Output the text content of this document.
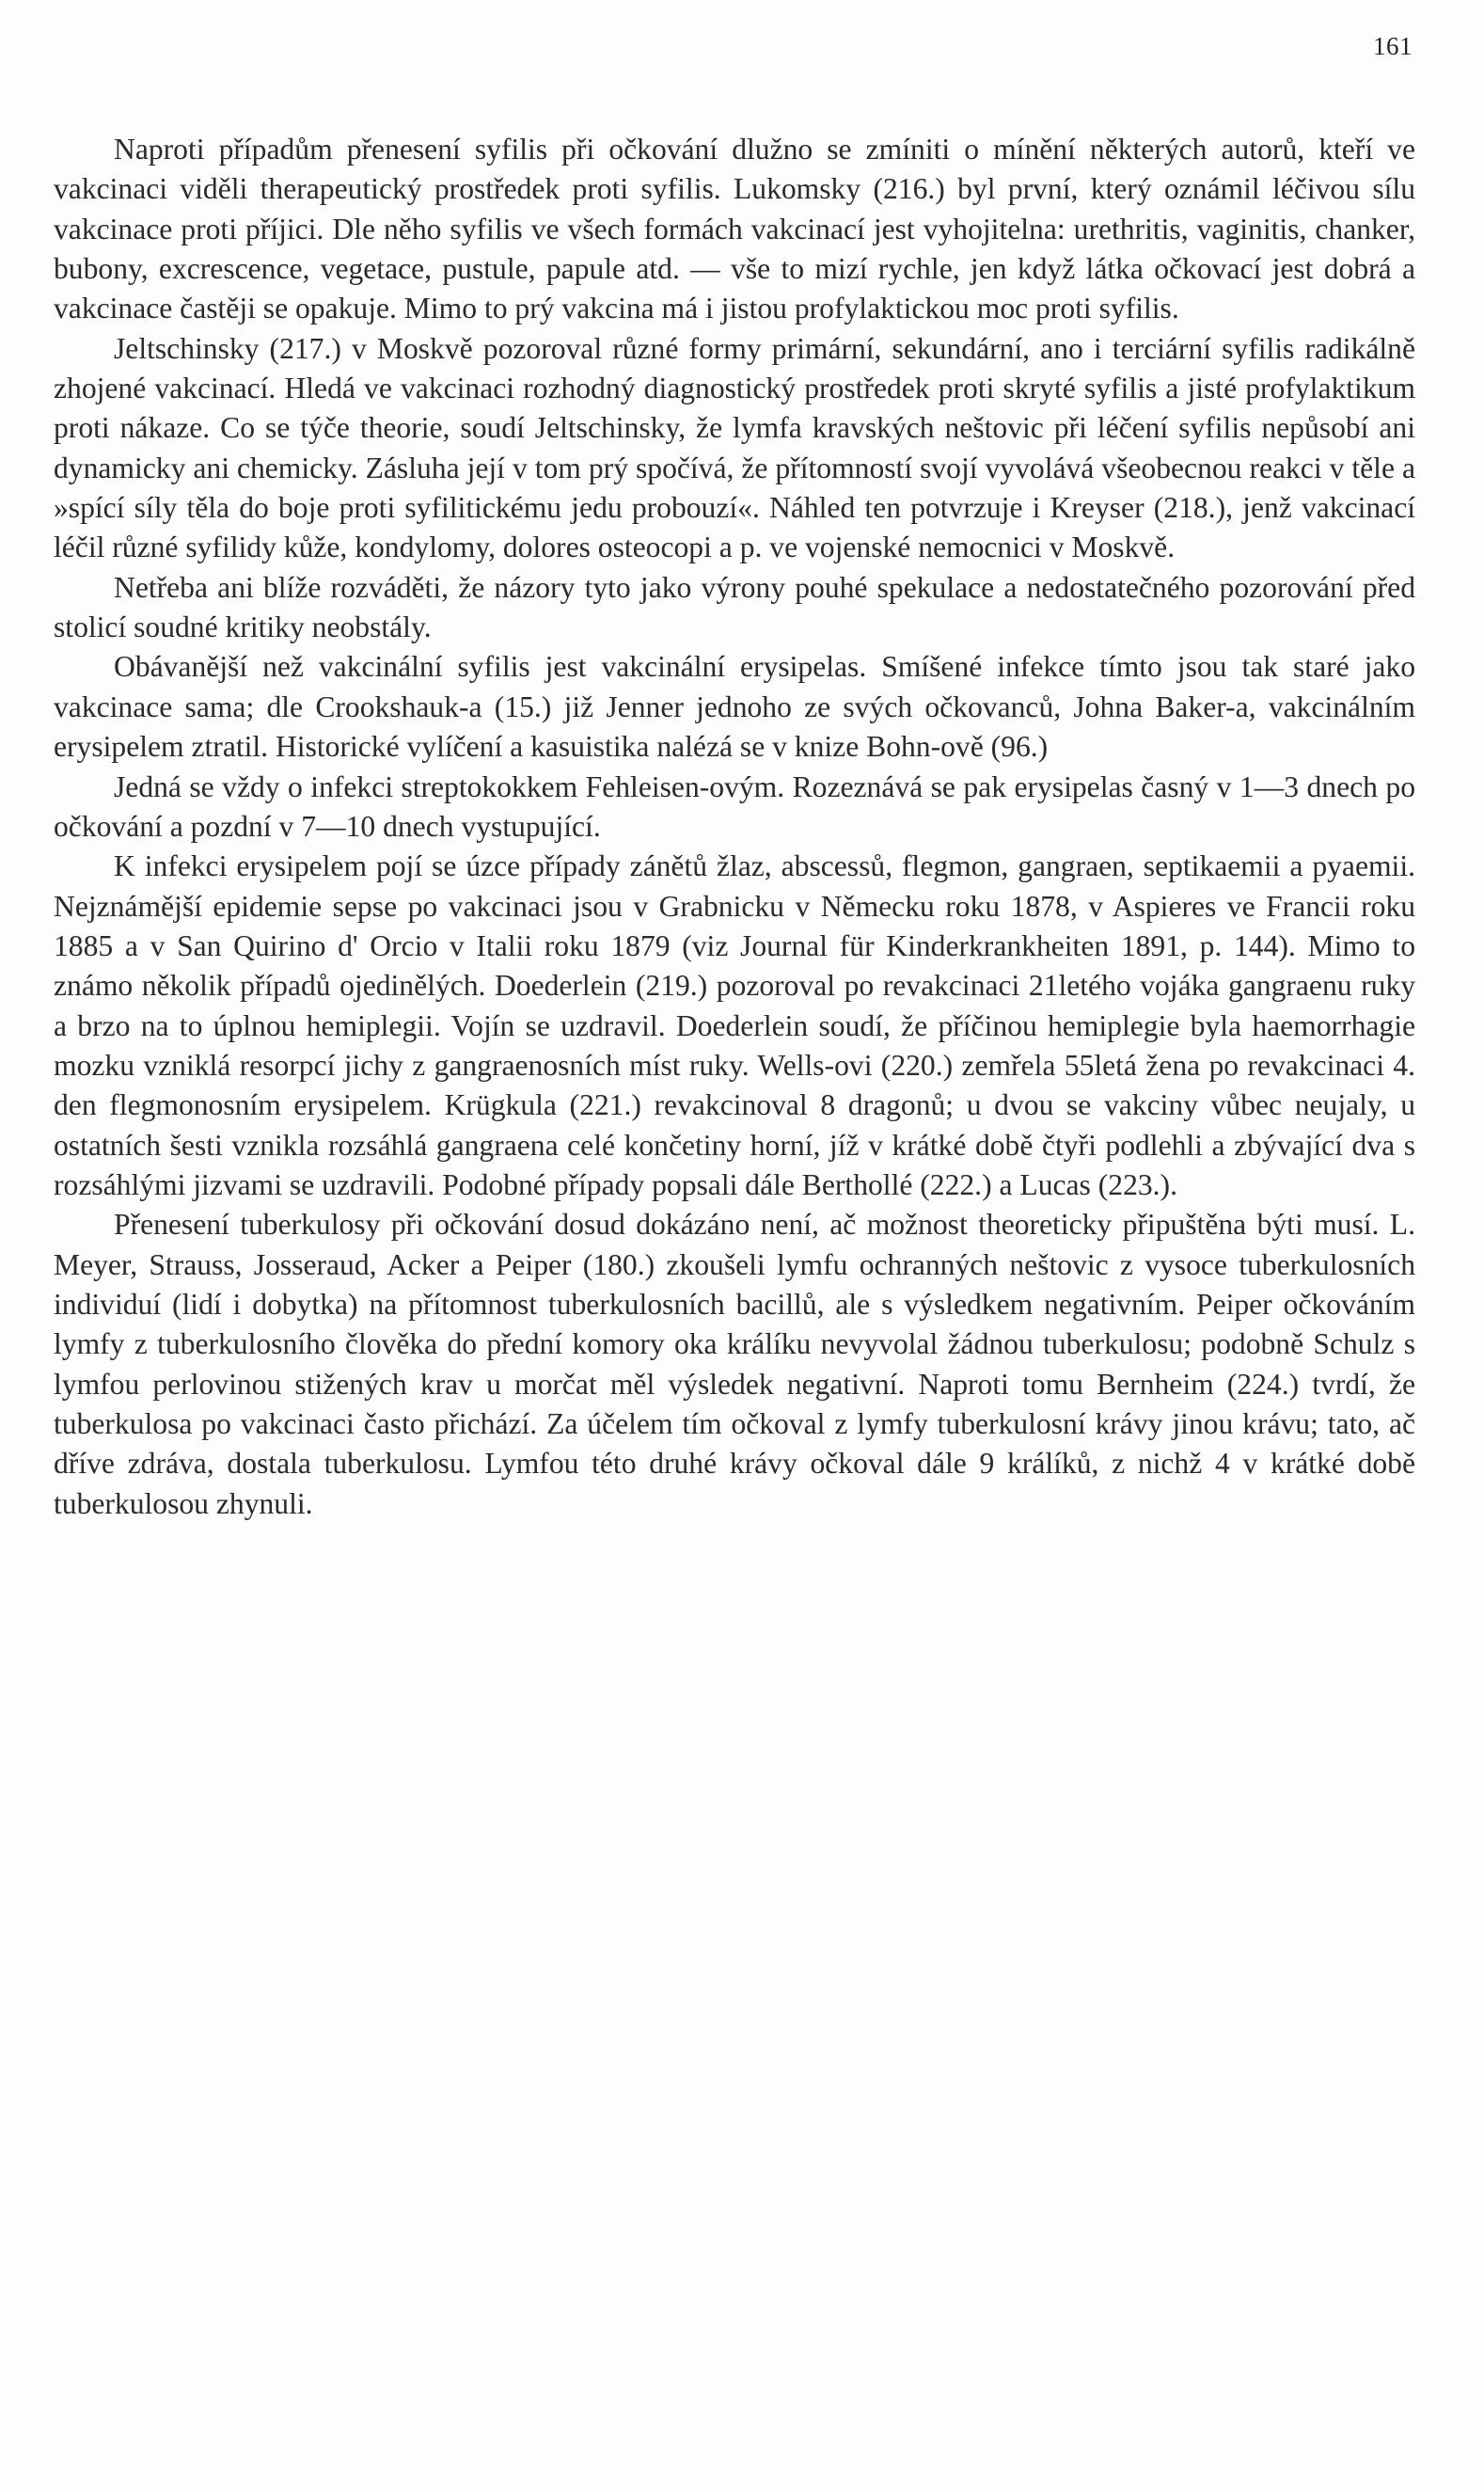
161

Naproti případům přenesení syfilis při očkování dlužno se zmíniti o mínění některých autorů, kteří ve vakcinaci viděli therapeutický prostředek proti syfilis. Lukomsky (216.) byl první, který oznámil léčivou sílu vakcinace proti příjici. Dle něho syfilis ve všech formách vakcinací jest vyhojitelna: urethritis, vaginitis, chanker, bubony, excrescence, vegetace, pustule, papule atd. — vše to mizí rychle, jen když látka očkovací jest dobrá a vakcinace častěji se opakuje. Mimo to prý vakcina má i jistou profylaktickou moc proti syfilis.

Jeltschinsky (217.) v Moskvě pozoroval různé formy primární, sekundární, ano i terciární syfilis radikálně zhojené vakcinací. Hledá ve vakcinaci rozhodný diagnostický prostředek proti skryté syfilis a jisté profylaktikum proti nákaze. Co se týče theorie, soudí Jeltschinsky, že lymfa kravských neštovic při léčení syfilis nepůsobí ani dynamicky ani chemicky. Zásluha její v tom prý spočívá, že přítomností svojí vyvolává všeobecnou reakci v těle a »spící síly těla do boje proti syfilitickému jedu probouzí«. Náhled ten potvrzuje i Kreyser (218.), jenž vakcinací léčil různé syfilidy kůže, kondylomy, dolores osteocopi a p. ve vojenské nemocnici v Moskvě.

Netřeba ani blíže rozváděti, že názory tyto jako výrony pouhé spekulace a nedostatečného pozorování před stolicí soudné kritiky neobstály.

Obávanější než vakcinální syfilis jest vakcinální erysipelas. Smíšené infekce tímto jsou tak staré jako vakcinace sama; dle Crookshauk-a (15.) již Jenner jednoho ze svých očkovanců, Johna Baker-a, vakcinálním erysipelem ztratil. Historické vylíčení a kasuistika nalézá se v knize Bohn-ově (96.)

Jedná se vždy o infekci streptokokkem Fehleisen-ovým. Rozeznává se pak erysipelas časný v 1—3 dnech po očkování a pozdní v 7—10 dnech vystupující.

K infekci erysipelem pojí se úzce případy zánětů žlaz, abscessů, flegmon, gangraen, septikaemii a pyaemii. Nejznámější epidemie sepse po vakcinaci jsou v Grabnicku v Německu roku 1878, v Aspieres ve Francii roku 1885 a v San Quirino d' Orcio v Italii roku 1879 (viz Journal für Kinderkrankheiten 1891, p. 144). Mimo to známo několik případů ojedinělých. Doederlein (219.) pozoroval po revakcinaci 21letého vojáka gangraenu ruky a brzo na to úplnou hemiplegii. Vojín se uzdravil. Doederlein soudí, že příčinou hemiplegie byla haemorrhagie mozku vzniklá resorpcí jichy z gangraenosních míst ruky. Wells-ovi (220.) zemřela 55letá žena po revakcinaci 4. den flegmonosním erysipelem. Krügkula (221.) revakcinoval 8 dragonů; u dvou se vakciny vůbec neujaly, u ostatních šesti vznikla rozsáhlá gangraena celé končetiny horní, jíž v krátké době čtyři podlehli a zbývající dva s rozsáhlými jizvami se uzdravili. Podobné případy popsali dále Berthollé (222.) a Lucas (223.).

Přenesení tuberkulosy při očkování dosud dokázáno není, ač možnost theoreticky připuštěna býti musí. L. Meyer, Strauss, Josseraud, Acker a Peiper (180.) zkoušeli lymfu ochranných neštovic z vysoce tuberkulosních individuí (lidí i dobytka) na přítomnost tuberkulosních bacillů, ale s výsledkem negativním. Peiper očkováním lymfy z tuberkulosního člověka do přední komory oka králíku nevyvolal žádnou tuberkulosu; podobně Schulz s lymfou perlovinou stižených krav u morčat měl výsledek negativní. Naproti tomu Bernheim (224.) tvrdí, že tuberkulosa po vakcinaci často přichází. Za účelem tím očkoval z lymfy tuberkulosní krávy jinou krávu; tato, ač dříve zdráva, dostala tuberkulosu. Lymfou této druhé krávy očkoval dále 9 králíků, z nichž 4 v krátké době tuberkulosou zhynuli.
